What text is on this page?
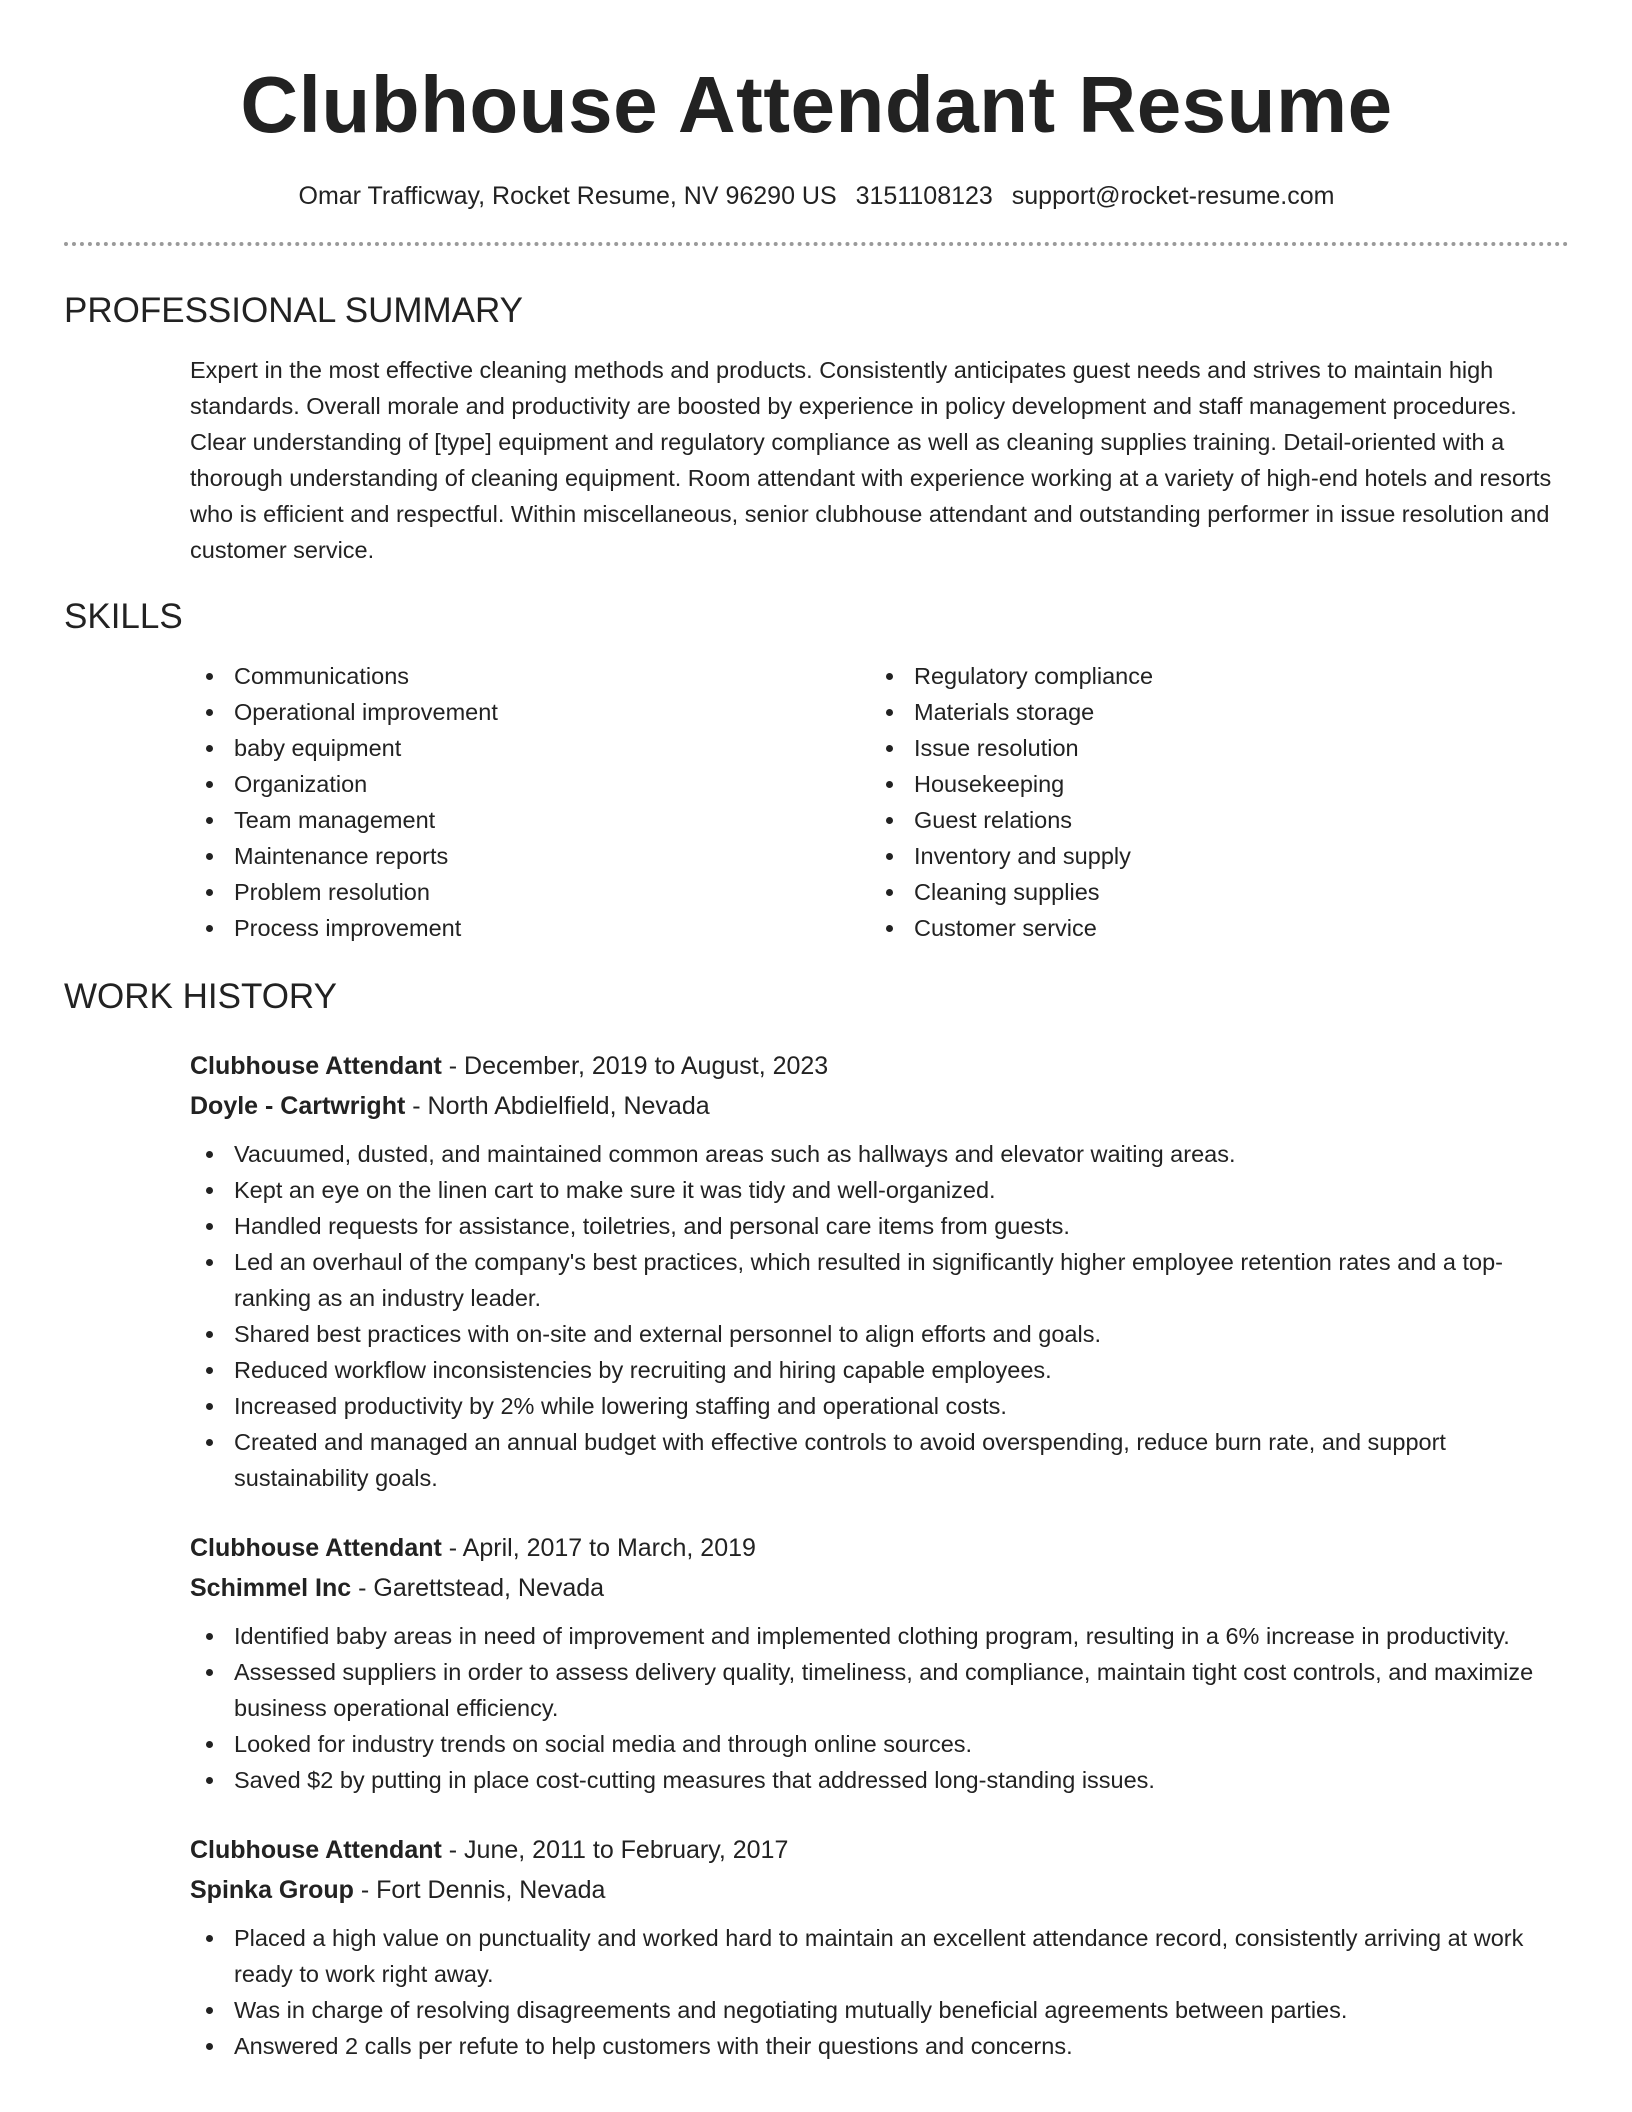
Clubhouse Attendant Resume
Omar Trafficway, Rocket Resume, NV 96290 US 3151108123 support@rocket-resume.com
PROFESSIONAL SUMMARY

Expert in the most effective cleaning methods and products. Consistently anticipates guest needs and strives to maintain high standards. Overall morale and productivity are boosted by experience in policy development and staff management procedures. Clear understanding of [type] equipment and regulatory compliance as well as cleaning supplies training. Detail-oriented with a thorough understanding of cleaning equipment. Room attendant with experience working at a variety of high-end hotels and resorts who is efficient and respectful. Within miscellaneous, senior clubhouse attendant and outstanding performer in issue resolution and customer service.

SKILLS
Communications
Operational improvement
baby equipment
Organization
Team management
Maintenance reports
Problem resolution
Process improvement
Regulatory compliance
Materials storage
Issue resolution
Housekeeping
Guest relations
Inventory and supply
Cleaning supplies
Customer service
WORK HISTORY
Clubhouse Attendant - December, 2019 to August, 2023
Doyle - Cartwright - North Abdielfield, Nevada
Vacuumed, dusted, and maintained common areas such as hallways and elevator waiting areas.
Kept an eye on the linen cart to make sure it was tidy and well-organized.
Handled requests for assistance, toiletries, and personal care items from guests.
Led an overhaul of the company's best practices, which resulted in significantly higher employee retention rates and a top-ranking as an industry leader.
Shared best practices with on-site and external personnel to align efforts and goals.
Reduced workflow inconsistencies by recruiting and hiring capable employees.
Increased productivity by 2% while lowering staffing and operational costs.
Created and managed an annual budget with effective controls to avoid overspending, reduce burn rate, and support sustainability goals.
Clubhouse Attendant - April, 2017 to March, 2019
Schimmel Inc - Garettstead, Nevada
Identified baby areas in need of improvement and implemented clothing program, resulting in a 6% increase in productivity.
Assessed suppliers in order to assess delivery quality, timeliness, and compliance, maintain tight cost controls, and maximize business operational efficiency.
Looked for industry trends on social media and through online sources.
Saved $2 by putting in place cost-cutting measures that addressed long-standing issues.
Clubhouse Attendant - June, 2011 to February, 2017
Spinka Group - Fort Dennis, Nevada
Placed a high value on punctuality and worked hard to maintain an excellent attendance record, consistently arriving at work ready to work right away.
Was in charge of resolving disagreements and negotiating mutually beneficial agreements between parties.
Answered 2 calls per refute to help customers with their questions and concerns.
